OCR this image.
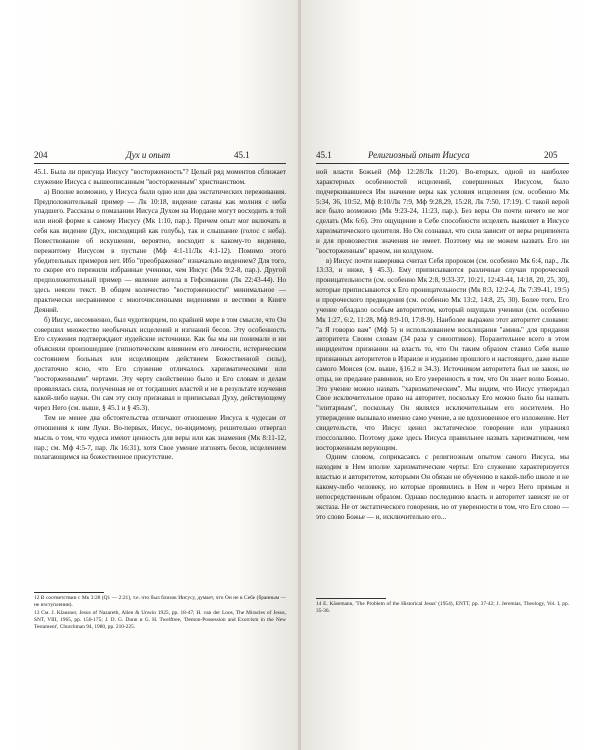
204	Дух и опыт	45.1

45.1. Была ли присуща Иисусу "восторженность"? Целый ряд моментов сближает служение Иисуса с вышеописанным "восторженным" христианством.

а) Вполне возможно, у Иисуса были одно или два экстатических переживания. Предположительный пример — Лк 10:18, видение сатаны как молния с неба упадшего. Рассказы о помазании Иисуса Духом на Иордане могут восходить в той или иной форме к самому Иисусу (Мк 1:10, пар.). Причем опыт мог включать в себя как видение (Дух, нисходящий как голубь), так и слышание (голос с неба). Повествование об искушении, вероятно, восходит к какому-то видению, пережитому Иисусом в пустыне (Мф 4:1-11/Лк 4:1-12). Помимо этого убедительных примеров нет. Ибо "преображение" изначально видением? Для того, то скорее его пережили избранные ученики, чем Иисус (Мк 9:2-8, пар.). Другой предположительный пример — явление ангела в Гефсимании (Лк 22:43-44). Но здесь неясен текст. В общем количество "восторженности" минимальное — практически несравнимое с многочисленными видениями и вестями в Книге Деяний.

б) Иисус, несомненно, был чудотворцем, по крайней мере в том смысле, что Он совершил множество необычных исцелений и изгнаний бесов. Эту особенность Его служения подтверждают иудейские источники. Как бы мы ни понимали и ни объясняли произошедшее (гипнотическим влиянием его личности, истерическим состоянием больных или исцеляющим действием Божественной силы), достаточно ясно, что Его служение отличалось харизматическими или "восторженными" чертами. Эту черту свойственно было и Его словам и делам проявлялась сила, полученная не от тогдашних властей и не в результате изучения какой-либо науки. Он сам эту силу признавал и приписывал Духу, действующему через Него (см. выше, § 45.1 и § 45.3).

Тем не менее два обстоятельства отличают отношение Иисуса к чудесам от отношения к ним Луки. Во-первых, Иисус, по-видимому, решительно отвергал мысль о том, что чудеса имеют ценность для веры или как знамения (Мк 8:11-12, пар.; см. Мф 4:5-7, пар. Лк 16:31), хотя Свое умение изгонять бесов, исцелением полагающимся на божественное присутствие.

12 В соответствии с Мк 3:28 (Q1 — 2:21), т.е. что был близок Иисусу, думает, что Он не в Себе (бранным — не изступлении).

13 См. J. Klausner, Jesus of Nazareth, Allen & Unwin 1925, pp. 18-47; H. van der Loos, The Miracles of Jesus, SNT, VIII, 1965, pp. 156-175; J. D. G. Dunn и G. H. Twelftree, 'Demon-Possession and Exorcism in the New Testament', Churchman 94, 1980, pp. 210-225.

45.1	Религиозный опыт Иисуса	205

ной власти Божьей (Мф 12:28/Лк 11:20). Во-вторых, одной из наиболее характерных особенностей исцелений, совершенных Иисусом, было подчеркивавшееся Им значение веры как условия исцеления (см. особенно Мк 5:34, 36, 10:52, Мф 8:10/Лк 7:9, Мф 9:28,29, 15:28, Лк 7:50, 17:19). С такой верой все было возможно (Мк 9:23-24, 11:23, пар.). Без веры Он почти ничего не мог сделать (Мк 6:6). Это ощущение в Себе способности исцелять выявляет в Иисусе харизматического целителя. Но Он сознавал, что сила зависит от веры реципиента и для провозвестия значения не имеет. Поэтому мы не можем назвать Его ни "восторженным" врачом, ни колдуном.

в) Иисус почти наверняка считал Себя пророком (см. особенно Мк 6:4, пар., Лк 13:33, и ниже, § 45.3). Ему приписываются различные случаи пророческой проницательности (см. особенно Мк 2:8, 9:33-37, 10:21, 12:43-44, 14:18, 20, 25, 30), которые приписываются к Его проницательности (Мк 8:3, 12:2-4, Лк 7:39-41, 19:5) и пророческого предвидения (см. особенно Мк 13:2, 14:8, 25, 30). Более того, Его учение обладало особым авторитетом, который ощущали ученики (см. особенно Мк 1:27, 6:2, 11:28, Мф 8:9-10, 17:8-9). Наиболее выражен этот авторитет словами: "а Я говорю вам" (Мф 5) и использованием восклицания "аминь" для придания авторитета Своим словам (34 раза у синоптиков). Поразительнее всего в этом инцидентом признании на власть то, что Он таким образом ставил Себя выше признанных авторитетов в Израиле и иудаизме прошлого и настоящего, даже выше самого Моисея (см. выше, §16.2 и 34.3). Источником авторитета был не закон, не отцы, не предание раввинов, но Его уверенность в том, что Он знает волю Божью. Это учение можно назвать "харизматическим". Мы видим, что Иисус утверждал Свое исключительное право на авторитет, поскольку Его можно было бы назвать "элитарным", поскольку Он являлся исключительным его носителем. Но утверждение вызывало именно само учение, а не вдохновенное его изложение. Нет свидетельств, что Иисус ценил экстатическое говорение или упражнял глоссолалию. Поэтому даже здесь Иисуса правильнее назвать харизматиком, чем восторженным верующим.

Одним словом, соприкасаясь с религиозным опытом самого Иисуса, мы находим в Нем вполне харизматические черты: Его служение характеризуется властью и авторитетом, которыми Он обязан не обучению в какой-либо школе и не какому-либо человеку, но которые проявились в Нем и через Него прямым и непосредственным образом. Однако последнюю власть и авторитет зависят не от экстаза. Не от экстатического говорения, но от уверенности в том, что Его слово — это слово Божье — и, исключительно его...

14 E. Käsemann, 'The Problem of the Historical Jesus' (1954), ENTT, pp. 37-42; J. Jeremias, Theology, Vol. I, pp. 35-36.
